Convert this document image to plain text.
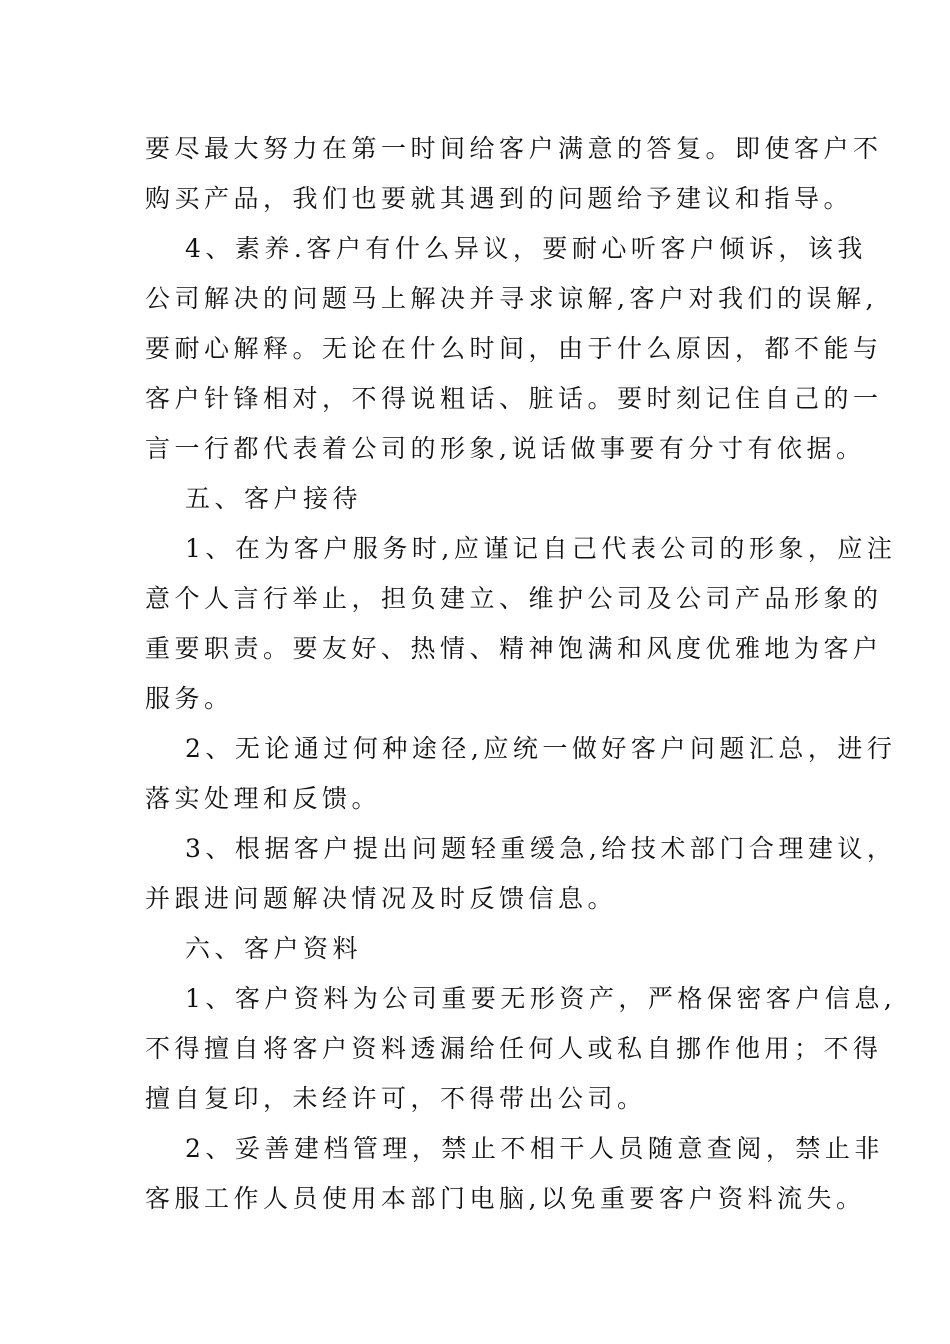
要尽最大努力在第一时间给客户满意的答复。即使客户不
购买产品，我们也要就其遇到的问题给予建议和指导。
4、素养.客户有什么异议，要耐心听客户倾诉，该我
公司解决的问题马上解决并寻求谅解,客户对我们的误解,
要耐心解释。无论在什么时间，由于什么原因，都不能与
客户针锋相对，不得说粗话、脏话。要时刻记住自己的一
言一行都代表着公司的形象,说话做事要有分寸有依据。
五、客户接待
1、在为客户服务时,应谨记自己代表公司的形象，应注
意个人言行举止，担负建立、维护公司及公司产品形象的
重要职责。要友好、热情、精神饱满和风度优雅地为客户
服务。
2、无论通过何种途径,应统一做好客户问题汇总，进行
落实处理和反馈。
3、根据客户提出问题轻重缓急,给技术部门合理建议，
并跟进问题解决情况及时反馈信息。
六、客户资料
1、客户资料为公司重要无形资产，严格保密客户信息,
不得擅自将客户资料透漏给任何人或私自挪作他用；不得
擅自复印，未经许可，不得带出公司。
2、妥善建档管理，禁止不相干人员随意查阅，禁止非
客服工作人员使用本部门电脑,以免重要客户资料流失。
